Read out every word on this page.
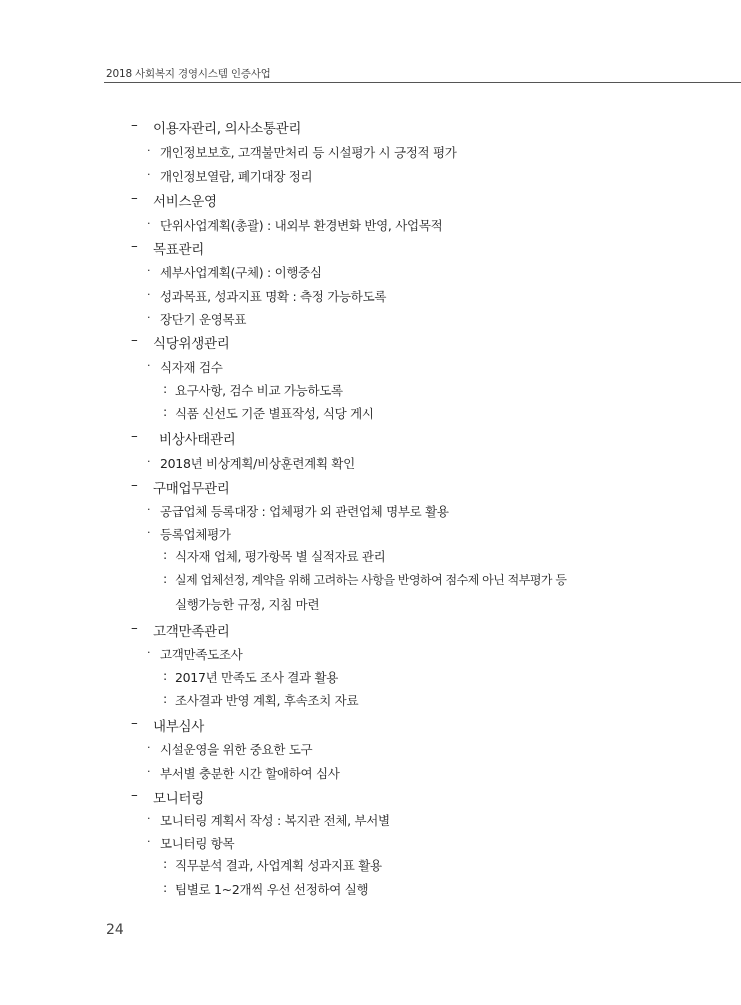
2018 사회복지 경영시스템 인증사업
– 이용자관리, 의사소통관리
· 개인정보보호, 고객불만처리 등 시설평가 시 긍정적 평가
· 개인정보열람, 폐기대장 정리
– 서비스운영
· 단위사업계획(총괄) : 내외부 환경변화 반영, 사업목적
– 목표관리
· 세부사업계획(구체) : 이행중심
· 성과목표, 성과지표 명확 : 측정 가능하도록
· 장단기 운영목표
– 식당위생관리
· 식자재 검수
: 요구사항, 검수 비교 가능하도록
: 식품 신선도 기준 별표작성, 식당 게시
– 비상사태관리
· 2018년 비상계획/비상훈련계획 확인
– 구매업무관리
· 공급업체 등록대장 : 업체평가 외 관련업체 명부로 활용
· 등록업체평가
: 식자재 업체, 평가항목 별 실적자료 관리
: 실제 업체선정, 계약을 위해 고려하는 사항을 반영하여 점수제 아닌 적부평가 등
실행가능한 규정, 지침 마련
– 고객만족관리
· 고객만족도조사
: 2017년 만족도 조사 결과 활용
: 조사결과 반영 계획, 후속조치 자료
– 내부심사
· 시설운영을 위한 중요한 도구
· 부서별 충분한 시간 할애하여 심사
– 모니터링
· 모니터링 계획서 작성 : 복지관 전체, 부서별
· 모니터링 항목
: 직무분석 결과, 사업계획 성과지표 활용
: 팀별로 1~2개씩 우선 선정하여 실행
24
